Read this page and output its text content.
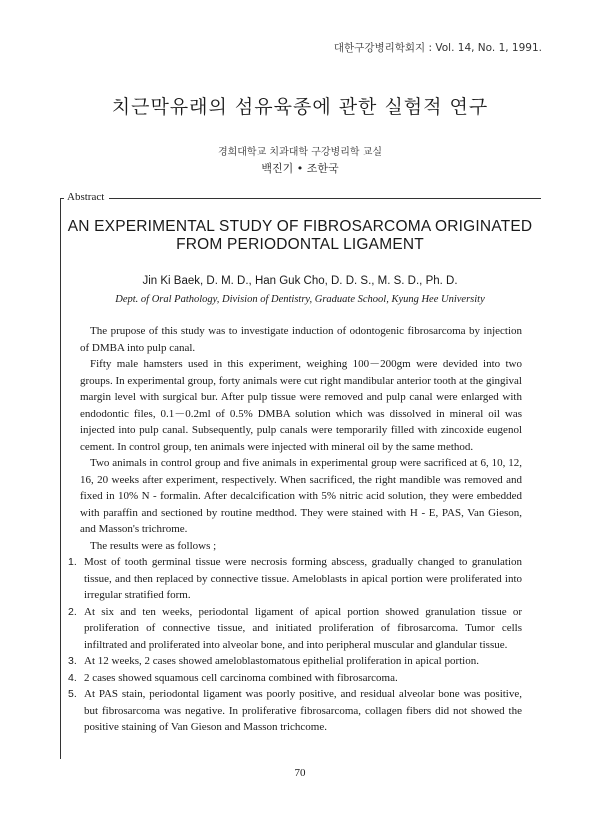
대한구강병리학회지 : Vol. 14, No. 1, 1991.
치근막유래의 섬유육종에 관한 실험적 연구
경희대학교 치과대학 구강병리학 교실
백진기 • 조한국
Abstract
AN EXPERIMENTAL STUDY OF FIBROSARCOMA ORIGINATED FROM PERIODONTAL LIGAMENT
Jin Ki Baek, D. M. D., Han Guk Cho, D. D. S., M. S. D., Ph. D.
Dept. of Oral Pathology, Division of Dentistry, Graduate School, Kyung Hee University

The prupose of this study was to investigate induction of odontogenic fibrosarcoma by injection of DMBA into pulp canal.

Fifty male hamsters used in this experiment, weighing 100－200gm were devided into two groups. In experimental group, forty animals were cut right mandibular anterior tooth at the gingival margin level with surgical bur. After pulp tissue were removed and pulp canal were enlarged with endodontic files, 0.1－0.2ml of 0.5% DMBA solution which was dissolved in mineral oil was injected into pulp canal. Subsequently, pulp canals were temporarily filled with zincoxide eugenol cement. In control group, ten animals were injected with mineral oil by the same method.

Two animals in control group and five animals in experimental group were sacrificed at 6, 10, 12, 16, 20 weeks after experiment, respectively. When sacrificed, the right mandible was removed and fixed in 10% N - formalin. After decalcification with 5% nitric acid solution, they were embedded with paraffin and sectioned by routine medthod. They were stained with H - E, PAS, Van Gieson, and Masson's trichrome.

The results were as follows ;

1. Most of tooth germinal tissue were necrosis forming abscess, gradually changed to granulation tissue, and then replaced by connective tissue. Ameloblasts in apical portion were proliferated into irregular stratified form.
2. At six and ten weeks, periodontal ligament of apical portion showed granulation tissue or proliferation of connective tissue, and initiated proliferation of fibrosarcoma. Tumor cells infiltrated and proliferated into alveolar bone, and into peripheral muscular and glandular tissue.
3. At 12 weeks, 2 cases showed ameloblastomatous epithelial proliferation in apical portion.
4. 2 cases showed squamous cell carcinoma combined with fibrosarcoma.
5. At PAS stain, periodontal ligament was poorly positive, and residual alveolar bone was positive, but fibrosarcoma was negative. In proliferative fibrosarcoma, collagen fibers did not showed the positive staining of Van Gieson and Masson trichcome.
70
